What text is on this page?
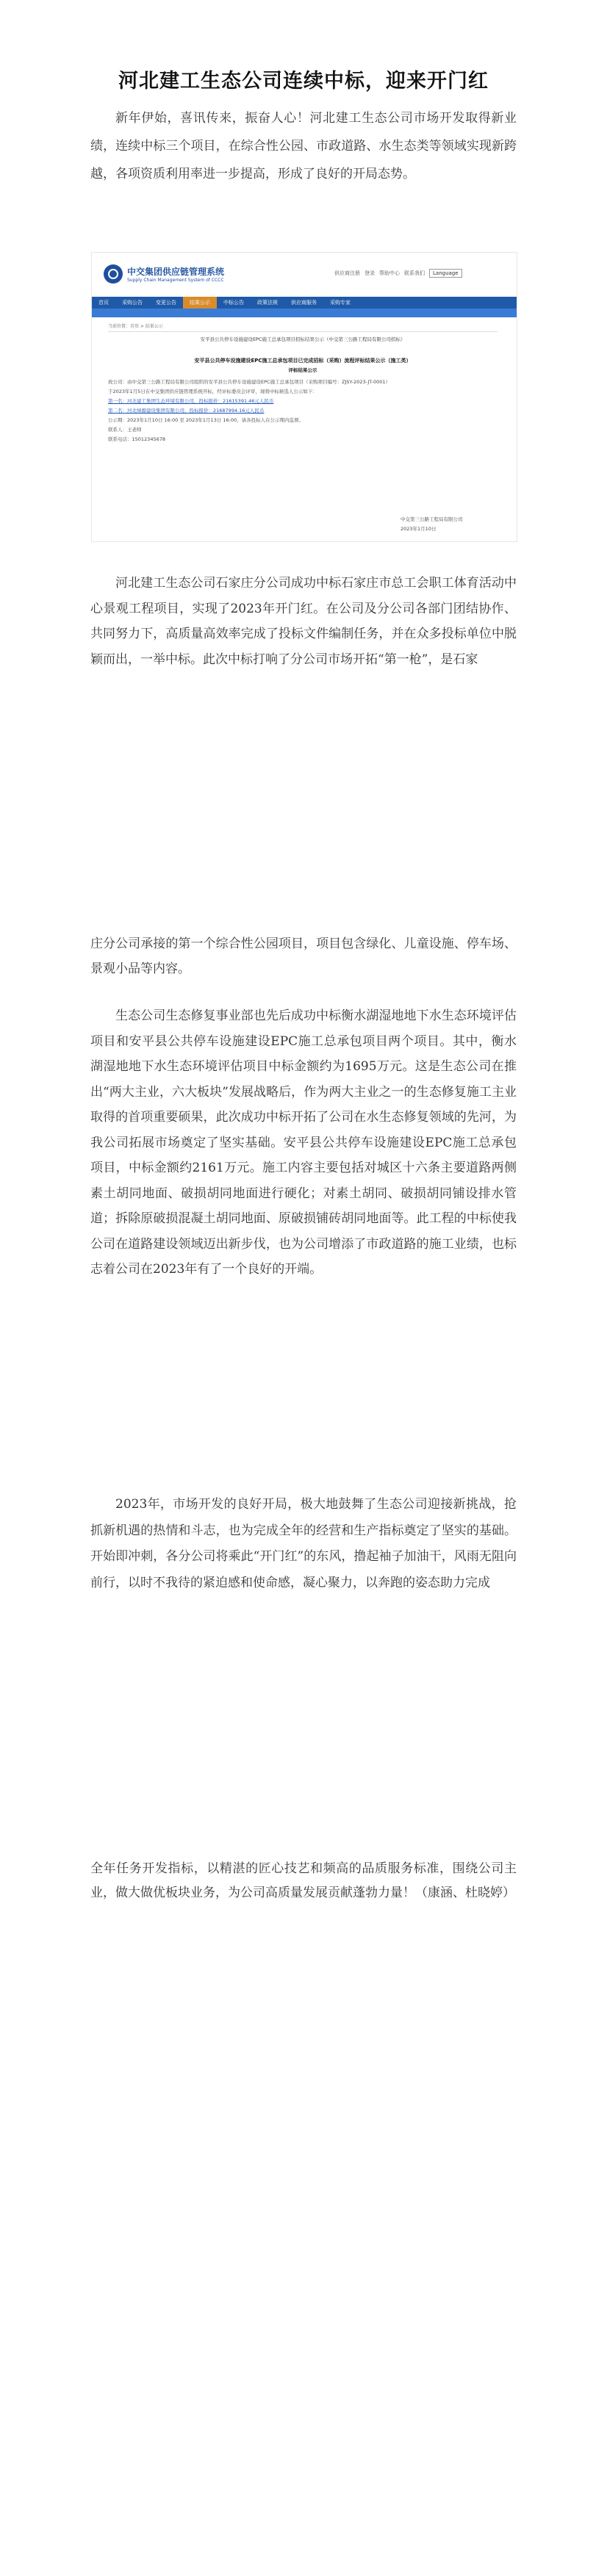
河北建工生态公司连续中标，迎来开门红

新年伊始，喜讯传来，振奋人心！河北建工生态公司市场开发取得新业绩，连续中标三个项目，在综合性公园、市政道路、水生态类等领域实现新跨越，各项资质利用率进一步提高，形成了良好的开局态势。

中交集团供应链管理系统
Supply Chain Management System of CCCC
供应商注册 登录 帮助中心 联系我们	Language
首页	采购公告	变更公告	结果公示	中标公告	政策法规	供应商服务	采购专家
当前位置：首页 > 结果公示
安平县公共停车设施建设EPC施工总承包项目招标结果公示（中交第三公路工程局有限公司招标）
安平县公共停车设施建设EPC施工总承包项目已完成招标（采购）流程评标结果公示（施工类）
评标结果公示

致公司：由中交第三公路工程局有限公司组织的安平县公共停车设施建设EPC施工总承包项目（采购项目编号：ZJSY-2023-JT-0001）

于2023年1月5日在中交集团供应链管理系统开标，经评标委员会评审，现将中标候选人公示如下：

第一名：河北建工集团生态环境有限公司，投标报价：21615391.46元人民币

第二名：河北绿源建设集团有限公司，投标报价：21687994.16元人民币

公示期：2023年1月10日 16:00 至 2023年1月13日 16:00，请各投标人在公示期内监督。

联系人：王老师

联系电话：15012345678

中交第三公路工程局有限公司
2023年1月10日

河北建工生态公司石家庄分公司成功中标石家庄市总工会职工体育活动中心景观工程项目，实现了2023年开门红。在公司及分公司各部门团结协作、共同努力下，高质量高效率完成了投标文件编制任务，并在众多投标单位中脱颖而出，一举中标。此次中标打响了分公司市场开拓“第一枪”，是石家

庄分公司承接的第一个综合性公园项目，项目包含绿化、儿童设施、停车场、景观小品等内容。

生态公司生态修复事业部也先后成功中标衡水湖湿地地下水生态环境评估项目和安平县公共停车设施建设EPC施工总承包项目两个项目。其中，衡水湖湿地地下水生态环境评估项目中标金额约为1695万元。这是生态公司在推出“两大主业，六大板块”发展战略后，作为两大主业之一的生态修复施工主业取得的首项重要硕果，此次成功中标开拓了公司在水生态修复领域的先河，为我公司拓展市场奠定了坚实基础。安平县公共停车设施建设EPC施工总承包项目，中标金额约2161万元。施工内容主要包括对城区十六条主要道路两侧素土胡同地面、破损胡同地面进行硬化；对素土胡同、破损胡同铺设排水管道；拆除原破损混凝土胡同地面、原破损铺砖胡同地面等。此工程的中标使我公司在道路建设领域迈出新步伐，也为公司增添了市政道路的施工业绩，也标志着公司在2023年有了一个良好的开端。

2023年，市场开发的良好开局，极大地鼓舞了生态公司迎接新挑战，抢抓新机遇的热情和斗志，也为完成全年的经营和生产指标奠定了坚实的基础。开始即冲刺，各分公司将乘此“开门红”的东风，撸起袖子加油干，风雨无阻向前行，以时不我待的紧迫感和使命感，凝心聚力，以奔跑的姿态助力完成

全年任务开发指标，以精湛的匠心技艺和频高的品质服务标准，围绕公司主业，做大做优板块业务，为公司高质量发展贡献蓬勃力量！（康涵、杜晓婷）
